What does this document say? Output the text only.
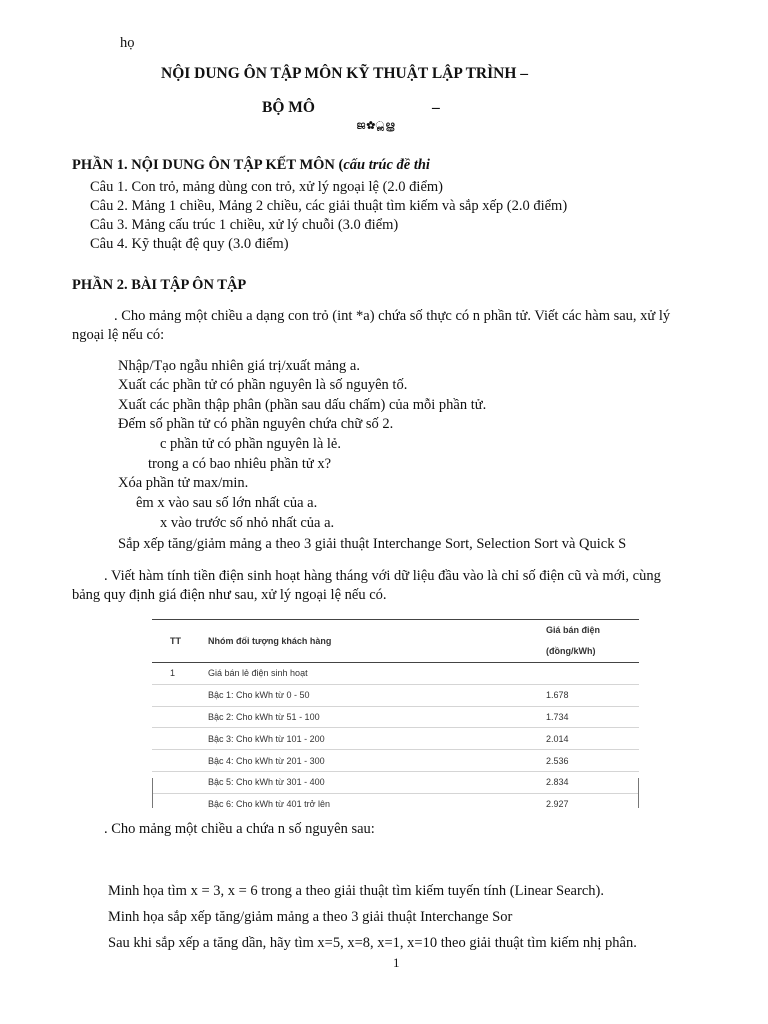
họ
NỘI DUNG ÔN TẬP MÔN KỸ THUẬT LẬP TRÌNH –
BỘ MÔ	–
ജ✿ൢൠ
PHẦN 1. NỘI DUNG ÔN TẬP KẾT MÔN (cấu trúc đề thi
Câu 1. Con trỏ, mảng dùng con trỏ, xử lý ngoại lệ (2.0 điểm)
Câu 2. Mảng 1 chiều, Mảng 2 chiều, các giải thuật tìm kiếm và sắp xếp (2.0 điểm)
Câu 3. Mảng cấu trúc 1 chiều, xử lý chuỗi (3.0 điểm)
Câu 4. Kỹ thuật đệ quy (3.0 điểm)
PHẦN 2. BÀI TẬP ÔN TẬP
. Cho mảng một chiều a dạng con trỏ (int *a) chứa số thực có n phần tử. Viết các hàm sau, xử lý
ngoại lệ nếu có:
Nhập/Tạo ngẫu nhiên giá trị/xuất mảng a.
Xuất các phần tử có phần nguyên là số nguyên tố.
Xuất các phần thập phân (phần sau dấu chấm) của mỗi phần tử.
Đếm số phần tử có phần nguyên chứa chữ số 2.
c phần tử có phần nguyên là lẻ.
trong a có bao nhiêu phần tử x?
Xóa phần tử max/min.
êm x vào sau số lớn nhất của a.
x vào trước số nhỏ nhất của a.
Sắp xếp tăng/giảm mảng a theo 3 giải thuật Interchange Sort, Selection Sort và Quick S
. Viết hàm tính tiền điện sinh hoạt hàng tháng với dữ liệu đầu vào là chỉ số điện cũ và mới, cùng
bảng quy định giá điện như sau, xử lý ngoại lệ nếu có.
TT	Nhóm đối tượng khách hàng	Giá bán điện
(đồng/kWh)

1	Giá bán lẻ điện sinh hoạt	
	Bậc 1: Cho kWh từ 0 - 50	1.678
	Bậc 2: Cho kWh từ 51 - 100	1.734
	Bậc 3: Cho kWh từ 101 - 200	2.014
	Bậc 4: Cho kWh từ 201 - 300	2.536
	Bậc 5: Cho kWh từ 301 - 400	2.834
	Bậc 6: Cho kWh từ 401 trở lên	2.927
. Cho mảng một chiều a chứa n số nguyên sau:
Minh họa tìm x = 3, x = 6 trong a theo giải thuật tìm kiếm tuyến tính (Linear Search).
Minh họa sắp xếp tăng/giảm mảng a theo 3 giải thuật Interchange Sor
Sau khi sắp xếp a tăng dần, hãy tìm x=5, x=8, x=1, x=10 theo giải thuật tìm kiếm nhị phân.
1
